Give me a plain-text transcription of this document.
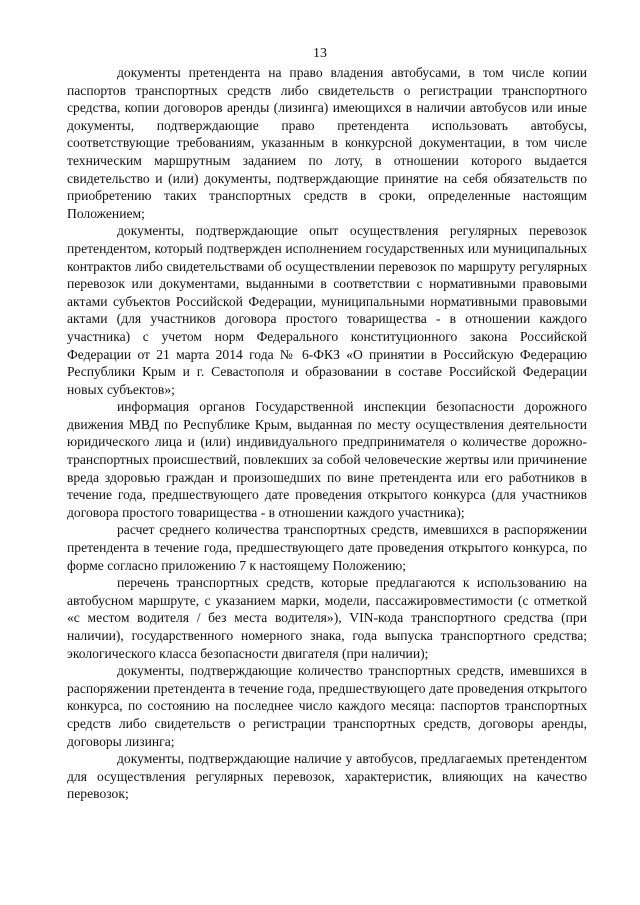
13

документы претендента на право владения автобусами, в том числе копии паспортов транспортных средств либо свидетельств о регистрации транспортного средства, копии договоров аренды (лизинга) имеющихся в наличии автобусов или иные документы, подтверждающие право претендента использовать автобусы, соответствующие требованиям, указанным в конкурсной документации, в том числе техническим маршрутным заданием по лоту, в отношении которого выдается свидетельство и (или) документы, подтверждающие принятие на себя обязательств по приобретению таких транспортных средств в сроки, определенные настоящим Положением;

документы, подтверждающие опыт осуществления регулярных перевозок претендентом, который подтвержден исполнением государственных или муниципальных контрактов либо свидетельствами об осуществлении перевозок по маршруту регулярных перевозок или документами, выданными в соответствии с нормативными правовыми актами субъектов Российской Федерации, муниципальными нормативными правовыми актами (для участников договора простого товарищества - в отношении каждого участника) с учетом норм Федерального конституционного закона Российской Федерации от 21 марта 2014 года № 6-ФКЗ «О принятии в Российскую Федерацию Республики Крым и г. Севастополя и образовании в составе Российской Федерации новых субъектов»;

информация органов Государственной инспекции безопасности дорожного движения МВД по Республике Крым, выданная по месту осуществления деятельности юридического лица и (или) индивидуального предпринимателя о количестве дорожно-транспортных происшествий, повлекших за собой человеческие жертвы или причинение вреда здоровью граждан и произошедших по вине претендента или его работников в течение года, предшествующего дате проведения открытого конкурса (для участников договора простого товарищества - в отношении каждого участника);

расчет среднего количества транспортных средств, имевшихся в распоряжении претендента в течение года, предшествующего дате проведения открытого конкурса, по форме согласно приложению 7 к настоящему Положению;

перечень транспортных средств, которые предлагаются к использованию на автобусном маршруте, с указанием марки, модели, пассажировместимости (с отметкой «с местом водителя / без места водителя»), VIN-кода транспортного средства (при наличии), государственного номерного знака, года выпуска транспортного средства; экологического класса безопасности двигателя (при наличии);

документы, подтверждающие количество транспортных средств, имевшихся в распоряжении претендента в течение года, предшествующего дате проведения открытого конкурса, по состоянию на последнее число каждого месяца: паспортов транспортных средств либо свидетельств о регистрации транспортных средств, договоры аренды, договоры лизинга;

документы, подтверждающие наличие у автобусов, предлагаемых претендентом для осуществления регулярных перевозок, характеристик, влияющих на качество перевозок;
